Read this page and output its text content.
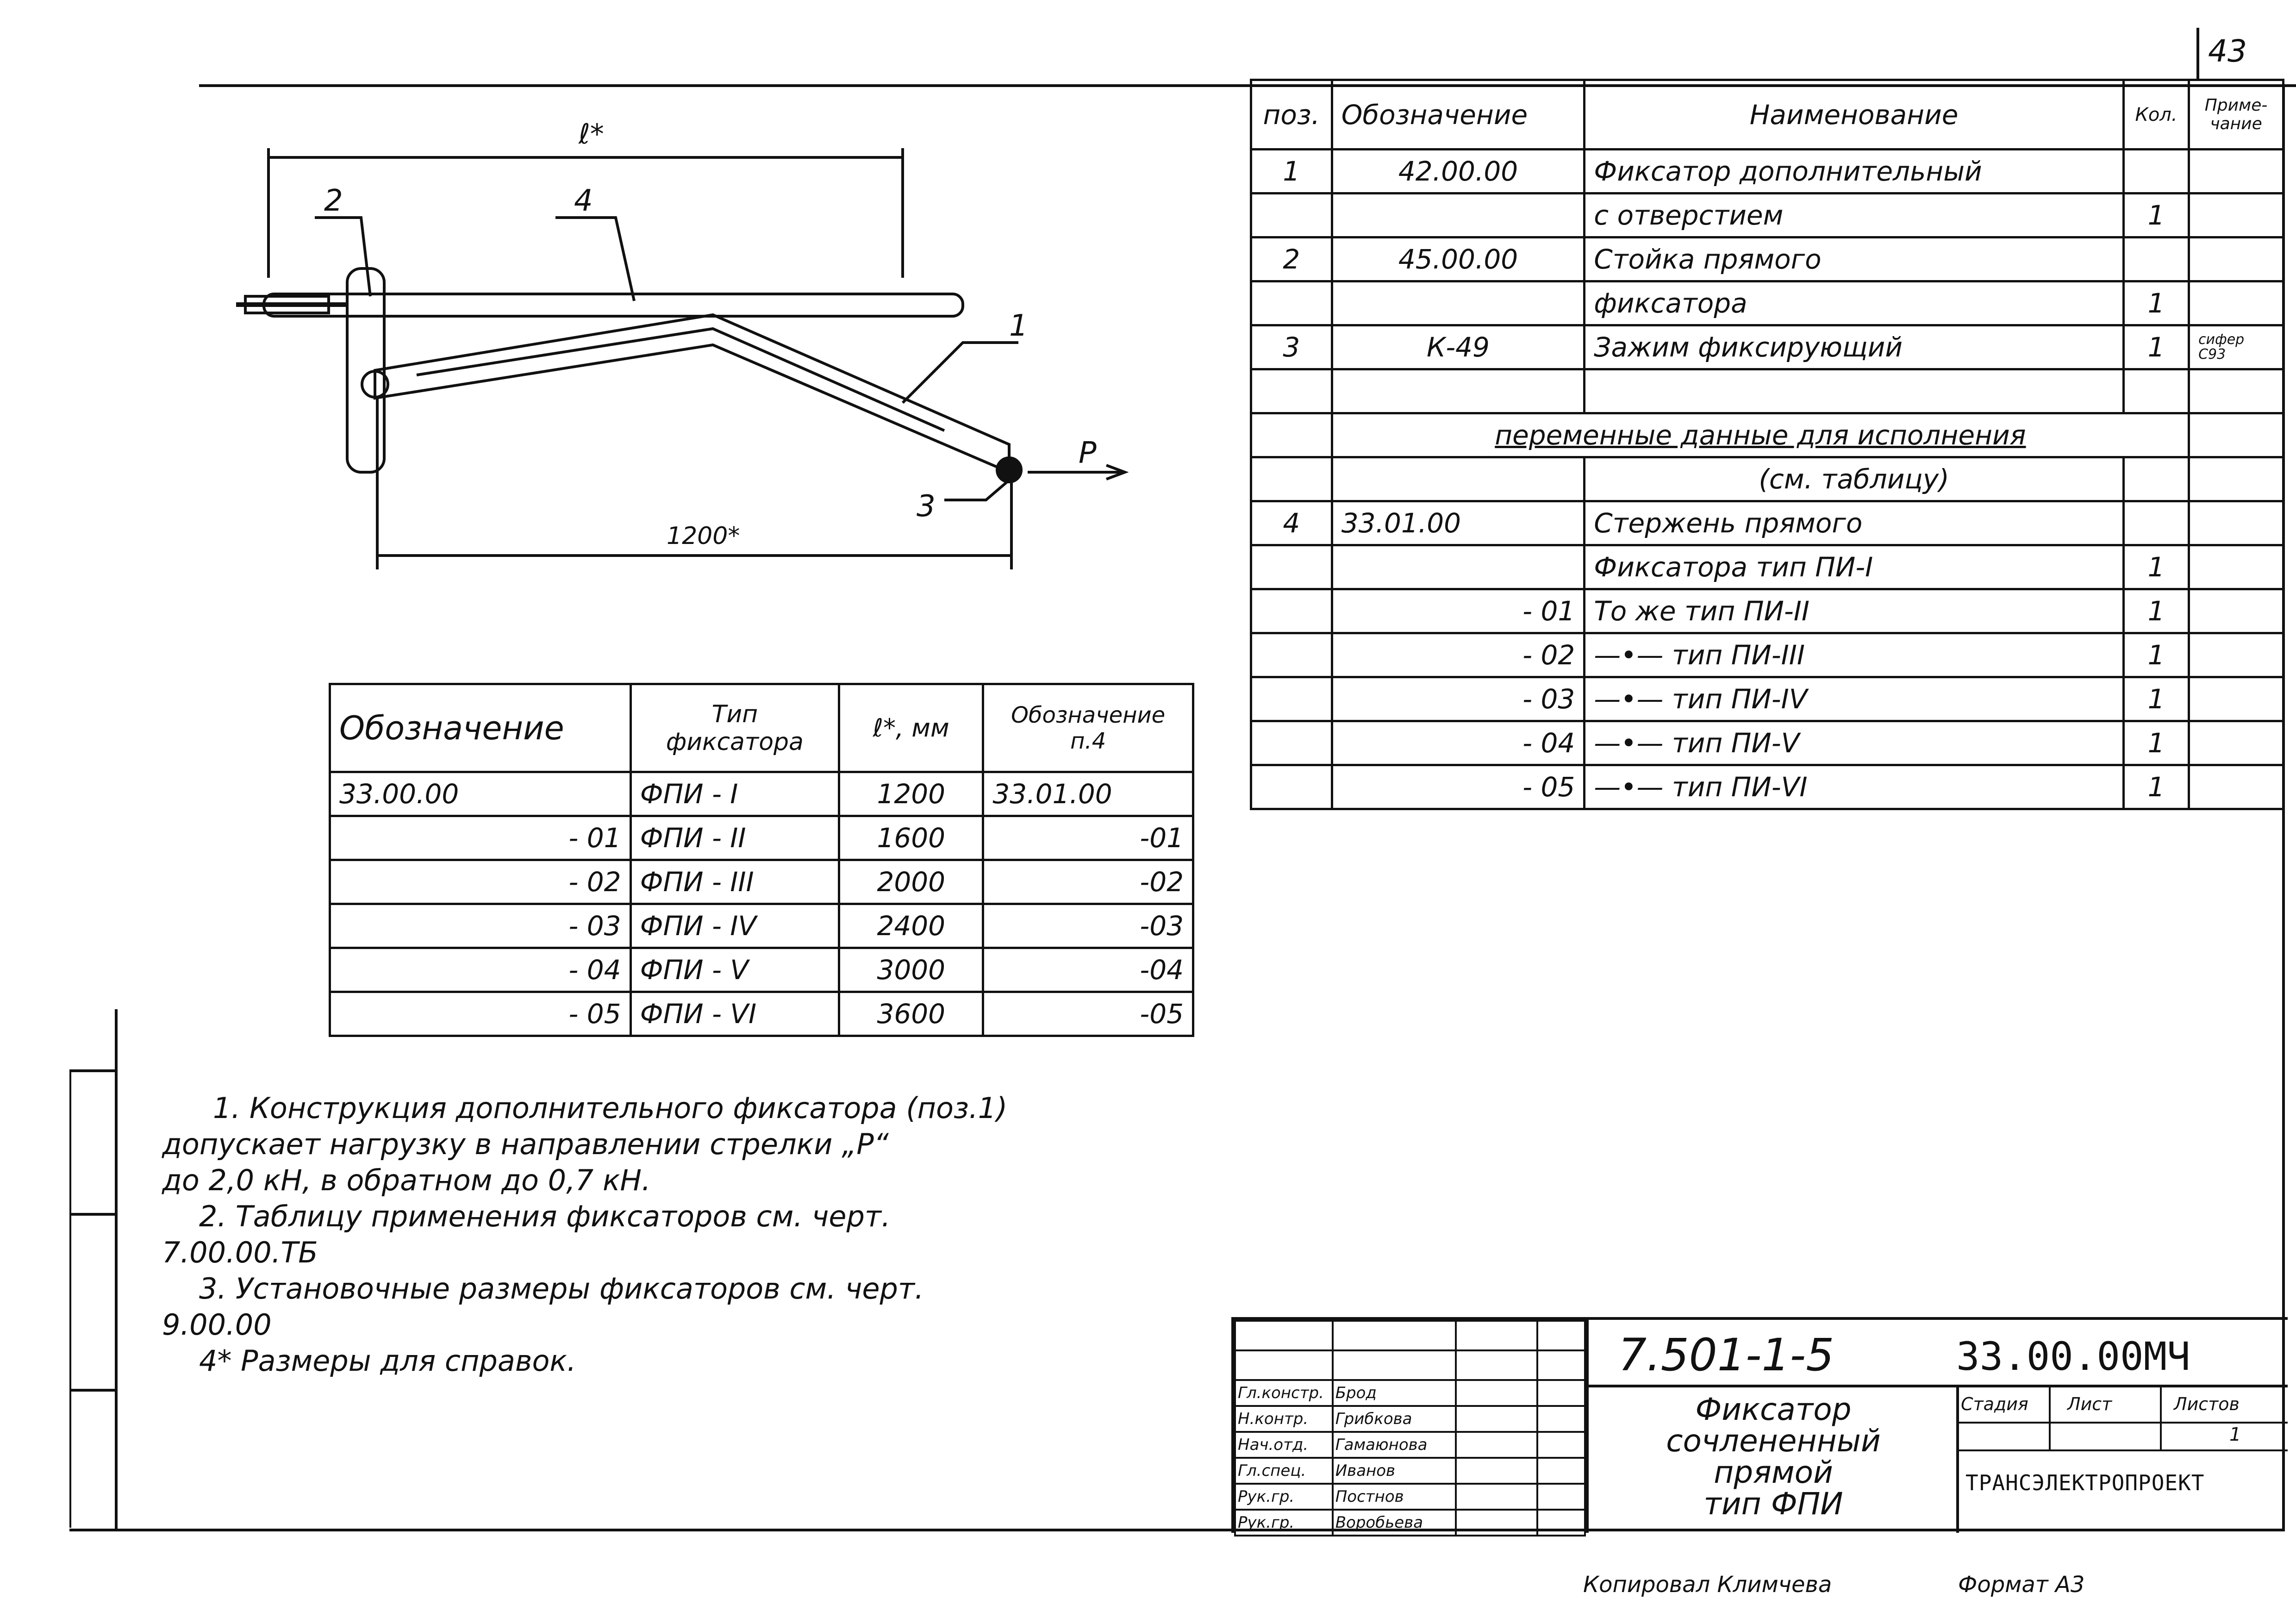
43
ℓ*
1200*
2	4
1
3
P
поз.	Обозначение	Наименование	Кол.	Приме-чание
1	42.00.00	Фиксатор дополнительный		
		с отверстием	1	
2	45.00.00	Стойка прямого		
		фиксатора	1	
3	К-49	Зажим фиксирующий	1	сифер С93

	переменные данные для исполнения			
		(см. таблицу)		
4	33.01.00	Стержень прямого		
		Фиксатора тип ПИ-I	1	
	- 01	То же тип ПИ-II	1	
	- 02	—•— тип ПИ-III	1	
	- 03	—•— тип ПИ-IV	1	
	- 04	—•— тип ПИ-V	1	
	- 05	—•— тип ПИ-VI	1	
Обозначение	Тип фиксатора	ℓ*, мм	Обозначение п.4
33.00.00	ФПИ - I	1200	33.01.00
- 01	ФПИ - II	1600	-01
- 02	ФПИ - III	2000	-02
- 03	ФПИ - IV	2400	-03
- 04	ФПИ - V	3000	-04
- 05	ФПИ - VI	3600	-05
1. Конструкция дополнительного фиксатора (поз.1)
допускает нагрузку в направлении стрелки „P“
до 2,0 кН, в обратном до 0,7 кН.
2. Таблицу применения фиксаторов см. черт.
7.00.00.ТБ
3. Установочные размеры фиксаторов см. черт.
9.00.00
4* Размеры для справок.

Гл.констр.	Брод		
Н.контр.	Грибкова		
Нач.отд.	Гамаюнова		
Гл.спец.	Иванов		
Рук.гр.	Постнов		
Рук.гр.	Воробьева		
7.501-1-5	33.00.00МЧ
Фиксатор
сочлененный
прямой
тип ФПИ
Стадия Лист	Листов
1
ТРАНСЭЛЕКТРОПРОЕКТ
Копировал Климчева	Формат А3
